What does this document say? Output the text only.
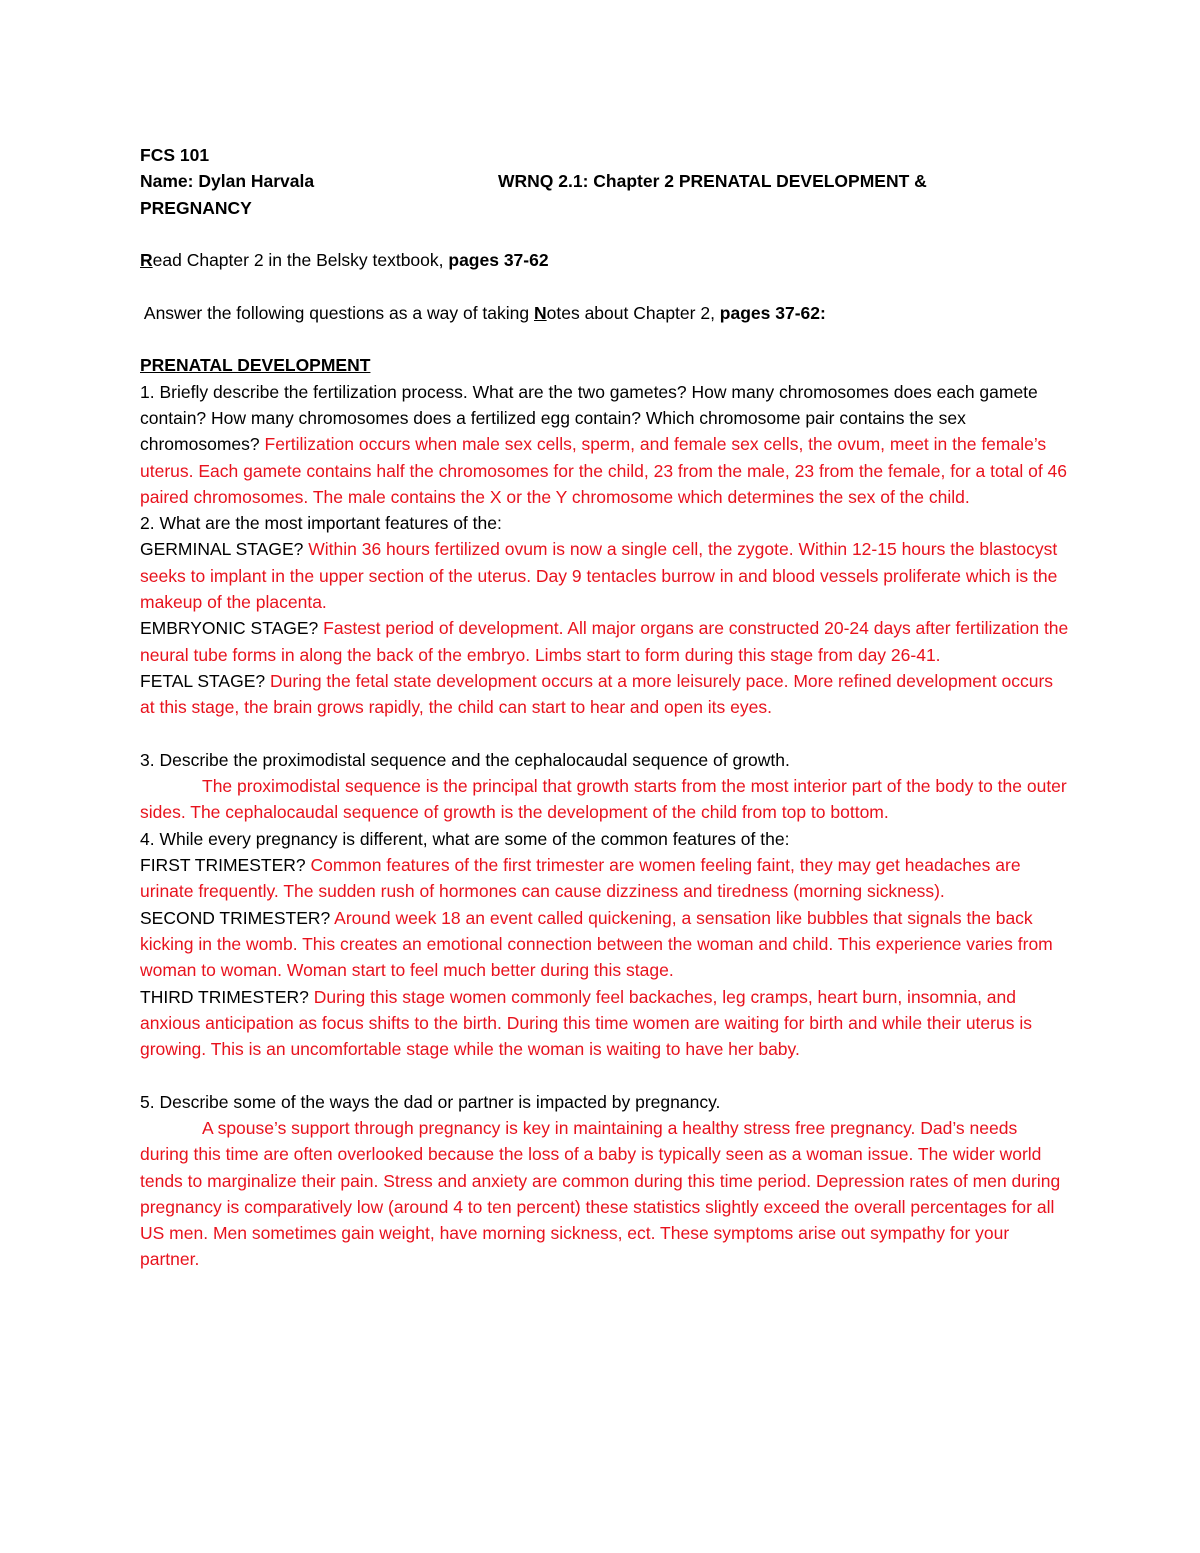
FCS 101
Name: Dylan Harvala	WRNQ 2.1: Chapter 2 PRENATAL DEVELOPMENT &
PREGNANCY
Read Chapter 2 in the Belsky textbook, pages 37-62
Answer the following questions as a way of taking Notes about Chapter 2, pages 37-62:
PRENATAL DEVELOPMENT

1. Briefly describe the fertilization process. What are the two gametes? How many chromosomes does each gamete contain? How many chromosomes does a fertilized egg contain? Which chromosome pair contains the sex chromosomes? Fertilization occurs when male sex cells, sperm, and female sex cells, the ovum, meet in the female’s uterus. Each gamete contains half the chromosomes for the child, 23 from the male, 23 from the female, for a total of 46 paired chromosomes. The male contains the X or the Y chromosome which determines the sex of the child.

2. What are the most important features of the:

GERMINAL STAGE? Within 36 hours fertilized ovum is now a single cell, the zygote. Within 12-15 hours the blastocyst seeks to implant in the upper section of the uterus. Day 9 tentacles burrow in and blood vessels proliferate which is the makeup of the placenta.

EMBRYONIC STAGE? Fastest period of development. All major organs are constructed 20-24 days after fertilization the neural tube forms in along the back of the embryo. Limbs start to form during this stage from day 26-41.

FETAL STAGE? During the fetal state development occurs at a more leisurely pace. More refined development occurs at this stage, the brain grows rapidly, the child can start to hear and open its eyes.

3. Describe the proximodistal sequence and the cephalocaudal sequence of growth.

The proximodistal sequence is the principal that growth starts from the most interior part of the body to the outer sides. The cephalocaudal sequence of growth is the development of the child from top to bottom.

4. While every pregnancy is different, what are some of the common features of the:

FIRST TRIMESTER? Common features of the first trimester are women feeling faint, they may get headaches are urinate frequently. The sudden rush of hormones can cause dizziness and tiredness (morning sickness).

SECOND TRIMESTER? Around week 18 an event called quickening, a sensation like bubbles that signals the back kicking in the womb. This creates an emotional connection between the woman and child. This experience varies from woman to woman. Woman start to feel much better during this stage.

THIRD TRIMESTER? During this stage women commonly feel backaches, leg cramps, heart burn, insomnia, and anxious anticipation as focus shifts to the birth. During this time women are waiting for birth and while their uterus is growing. This is an uncomfortable stage while the woman is waiting to have her baby.

5. Describe some of the ways the dad or partner is impacted by pregnancy.

A spouse’s support through pregnancy is key in maintaining a healthy stress free pregnancy. Dad’s needs during this time are often overlooked because the loss of a baby is typically seen as a woman issue. The wider world tends to marginalize their pain. Stress and anxiety are common during this time period. Depression rates of men during pregnancy is comparatively low (around 4 to ten percent) these statistics slightly exceed the overall percentages for all US men. Men sometimes gain weight, have morning sickness, ect. These symptoms arise out sympathy for your partner.
